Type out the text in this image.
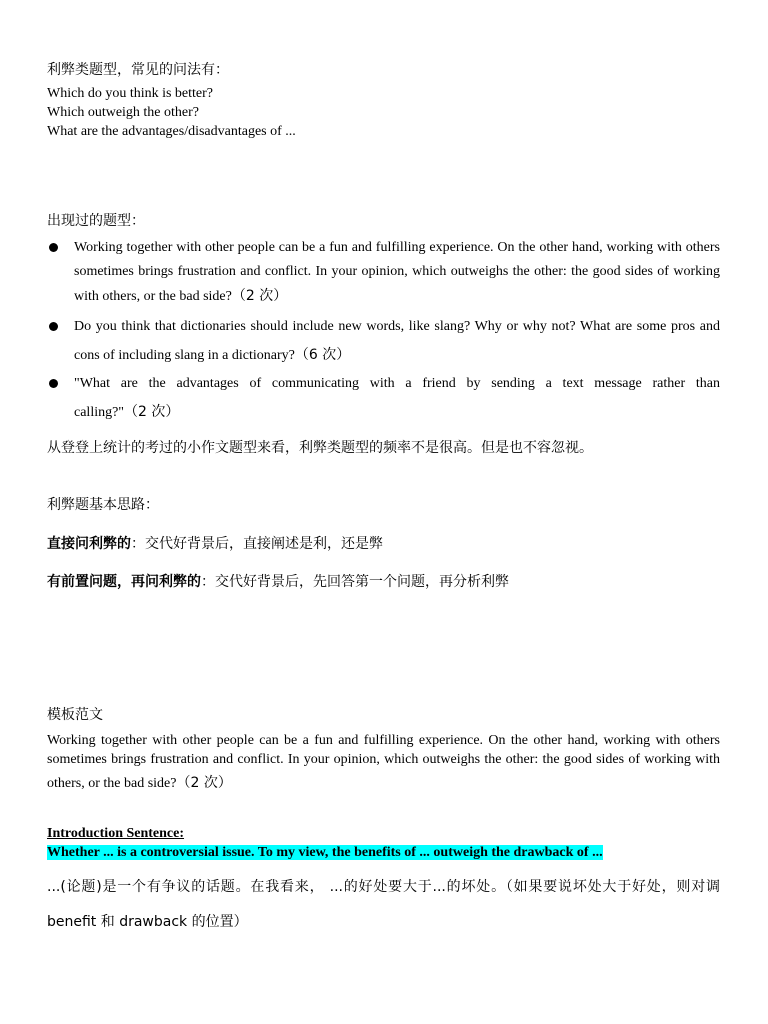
利弊类题型，常见的问法有：
Which do you think is better?
Which outweigh the other?
What are the advantages/disadvantages of ...
出现过的题型：
Working together with other people can be a fun and fulfilling experience. On the other hand, working with others sometimes brings frustration and conflict. In your opinion, which outweighs the other: the good sides of working with others, or the bad side?（2 次）
Do you think that dictionaries should include new words, like slang? Why or why not? What are some pros and cons of including slang in a dictionary?（6 次）
"What are the advantages of communicating with a friend by sending a text message rather than calling?"（2 次）
从登登上统计的考过的小作文题型来看，利弊类题型的频率不是很高。但是也不容忽视。
利弊题基本思路：
直接问利弊的：交代好背景后，直接阐述是利，还是弊
有前置问题，再问利弊的：交代好背景后，先回答第一个问题，再分析利弊
模板范文
Working together with other people can be a fun and fulfilling experience. On the other hand, working with others sometimes brings frustration and conflict. In your opinion, which outweighs the other: the good sides of working with others, or the bad side?（2 次）
Introduction Sentence:
Whether ... is a controversial issue. To my view, the benefits of ... outweigh the drawback of ...
...(论题)是一个有争议的话题。在我看来， ...的好处要大于...的坏处。（如果要说坏处大于好处，则对调 benefit 和 drawback 的位置）
